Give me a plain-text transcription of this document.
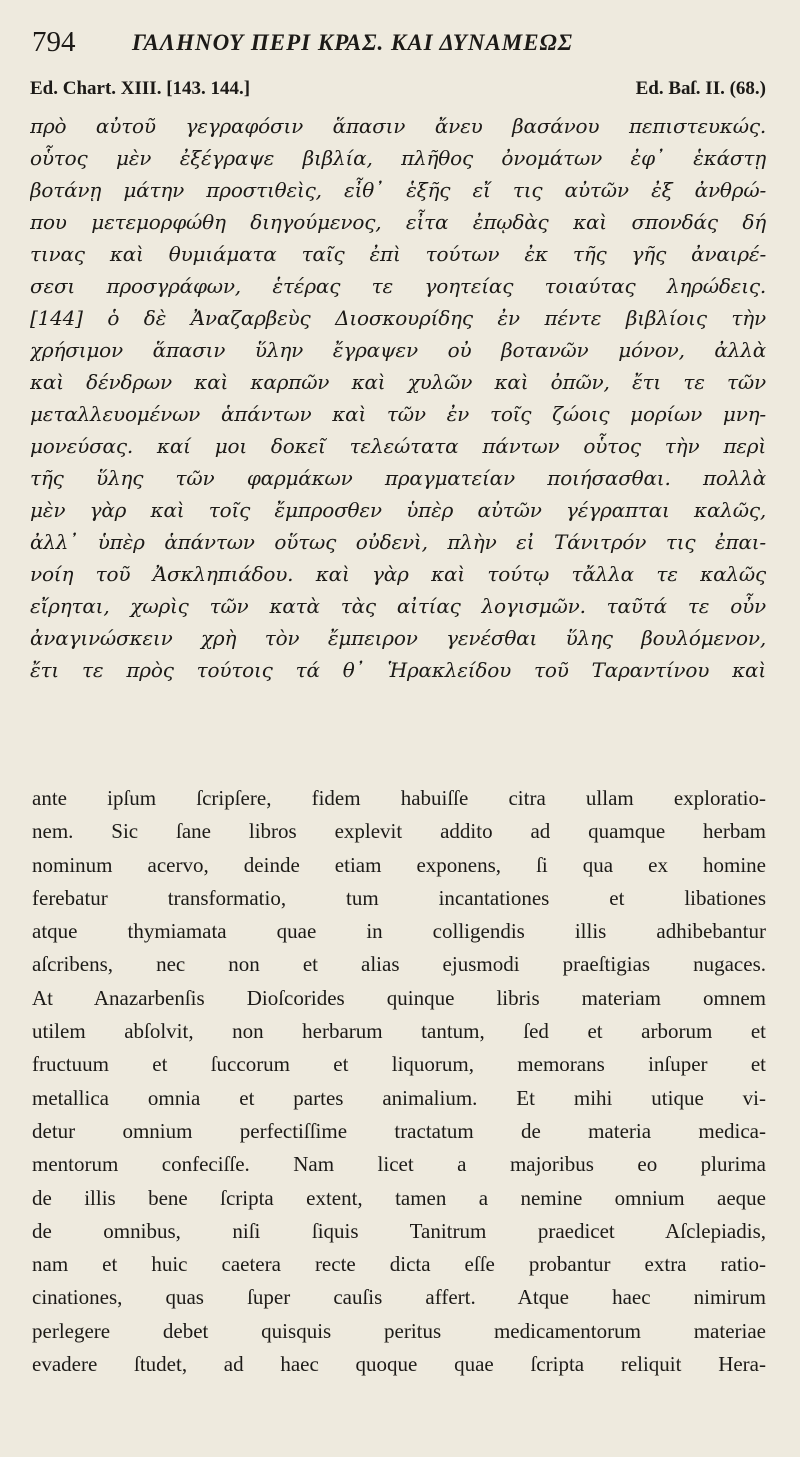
794 ΓΑΛΗΝΟΥ ΠΕΡΙ ΚΡΑΣ. ΚΑΙ ΔΥΝΑΜΕΩΣ
Ed. Chart. XIII. [143. 144.]	Ed. Baſ. II. (68.)
πρὸ αὐτοῦ γεγραφόσιν ἅπασιν ἄνευ βασάνου πεπιστευκώς.
οὗτος μὲν ἐξέγραψε βιβλία, πλῆθος ὀνομάτων ἐφ᾽ ἑκάστῃ
βοτάνῃ μάτην προστιθεὶς, εἶθ᾽ ἑξῆς εἴ τις αὐτῶν ἐξ ἀνθρώ-
που μετεμορφώθη διηγούμενος, εἶτα ἐπῳδὰς καὶ σπονδάς δή
τινας καὶ θυμιάματα ταῖς ἐπὶ τούτων ἐκ τῆς γῆς ἀναιρέ-
σεσι προσγράφων, ἑτέρας τε γοητείας τοιαύτας ληρώδεις.
[144] ὁ δὲ Ἀναζαρβεὺς Διοσκουρίδης ἐν πέντε βιβλίοις τὴν
χρήσιμον ἅπασιν ὕλην ἔγραψεν οὐ βοτανῶν μόνον, ἀλλὰ
καὶ δένδρων καὶ καρπῶν καὶ χυλῶν καὶ ὀπῶν, ἔτι τε τῶν
μεταλλευομένων ἁπάντων καὶ τῶν ἐν τοῖς ζώοις μορίων μνη-
μονεύσας. καί μοι δοκεῖ τελεώτατα πάντων οὗτος τὴν περὶ
τῆς ὕλης τῶν φαρμάκων πραγματείαν ποιήσασθαι. πολλὰ
μὲν γὰρ καὶ τοῖς ἔμπροσθεν ὑπὲρ αὐτῶν γέγραπται καλῶς,
ἀλλ᾽ ὑπὲρ ἁπάντων οὕτως οὐδενὶ, πλὴν εἰ Τάνιτρόν τις ἐπαι-
νοίη τοῦ Ἀσκληπιάδου. καὶ γὰρ καὶ τούτῳ τἄλλα τε καλῶς
εἴρηται, χωρὶς τῶν κατὰ τὰς αἰτίας λογισμῶν. ταῦτά τε οὖν
ἀναγινώσκειν χρὴ τὸν ἔμπειρον γενέσθαι ὕλης βουλόμενον,
ἔτι τε πρὸς τούτοις τά θ᾽ Ἡρακλείδου τοῦ Ταραντίνου καὶ
ante ipſum ſcripſere, fidem habuiſſe citra ullam exploratio-
nem. Sic ſane libros explevit addito ad quamque herbam
nominum acervo, deinde etiam exponens, ſi qua ex homine
ferebatur transformatio, tum incantationes et libationes
atque thymiamata quae in colligendis illis adhibebantur
aſcribens, nec non et alias ejusmodi praeſtigias nugaces.
At Anazarbenſis Dioſcorides quinque libris materiam omnem
utilem abſolvit, non herbarum tantum, ſed et arborum et
fructuum et ſuccorum et liquorum, memorans inſuper et
metallica omnia et partes animalium. Et mihi utique vi-
detur omnium perfectiſſime tractatum de materia medica-
mentorum confeciſſe. Nam licet a majoribus eo plurima
de illis bene ſcripta extent, tamen a nemine omnium aeque
de omnibus, niſi ſiquis Tanitrum praedicet Aſclepiadis,
nam et huic caetera recte dicta eſſe probantur extra ratio-
cinationes, quas ſuper cauſis affert. Atque haec nimirum
perlegere debet quisquis peritus medicamentorum materiae
evadere ſtudet, ad haec quoque quae ſcripta reliquit Hera-
